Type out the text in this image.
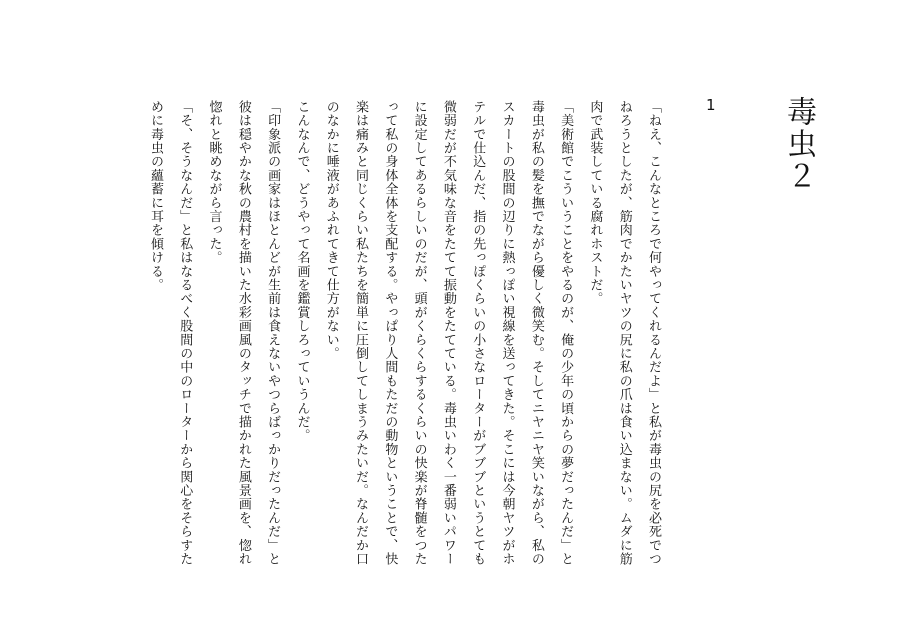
毒虫２
1

「ねえ、こんなところで何やってくれるんだよ」と私が毒虫の尻を必死でつねろうとしたが、筋肉でかたいヤツの尻に私の爪は食い込まない。ムダに筋肉で武装している腐れホストだ。

「美術館でこういうことをやるのが、俺の少年の頃からの夢だったんだ」と毒虫が私の髪を撫でながら優しく微笑む。そしてニヤニヤ笑いながら、私のスカートの股間の辺りに熱っぽい視線を送ってきた。そこには今朝ヤツがホテルで仕込んだ、指の先っぽくらいの小さなローターがブブブというとても微弱だが不気味な音をたてて振動をたてている。毒虫いわく一番弱いパワーに設定してあるらしいのだが、頭がくらくらするくらいの快楽が脊髄をつたって私の身体全体を支配する。やっぱり人間もただの動物ということで、快楽は痛みと同じくらい私たちを簡単に圧倒してしまうみたいだ。なんだか口のなかに唾液があふれてきて仕方がない。

こんなんで、どうやって名画を鑑賞しろっていうんだ。

「印象派の画家はほとんどが生前は食えないやつらばっかりだったんだ」と彼は穏やかな秋の農村を描いた水彩画風のタッチで描かれた風景画を、惚れ惚れと眺めながら言った。

「そ、そうなんだ」と私はなるべく股間の中のローターから関心をそらすために毒虫の蘊蓄に耳を傾ける。
